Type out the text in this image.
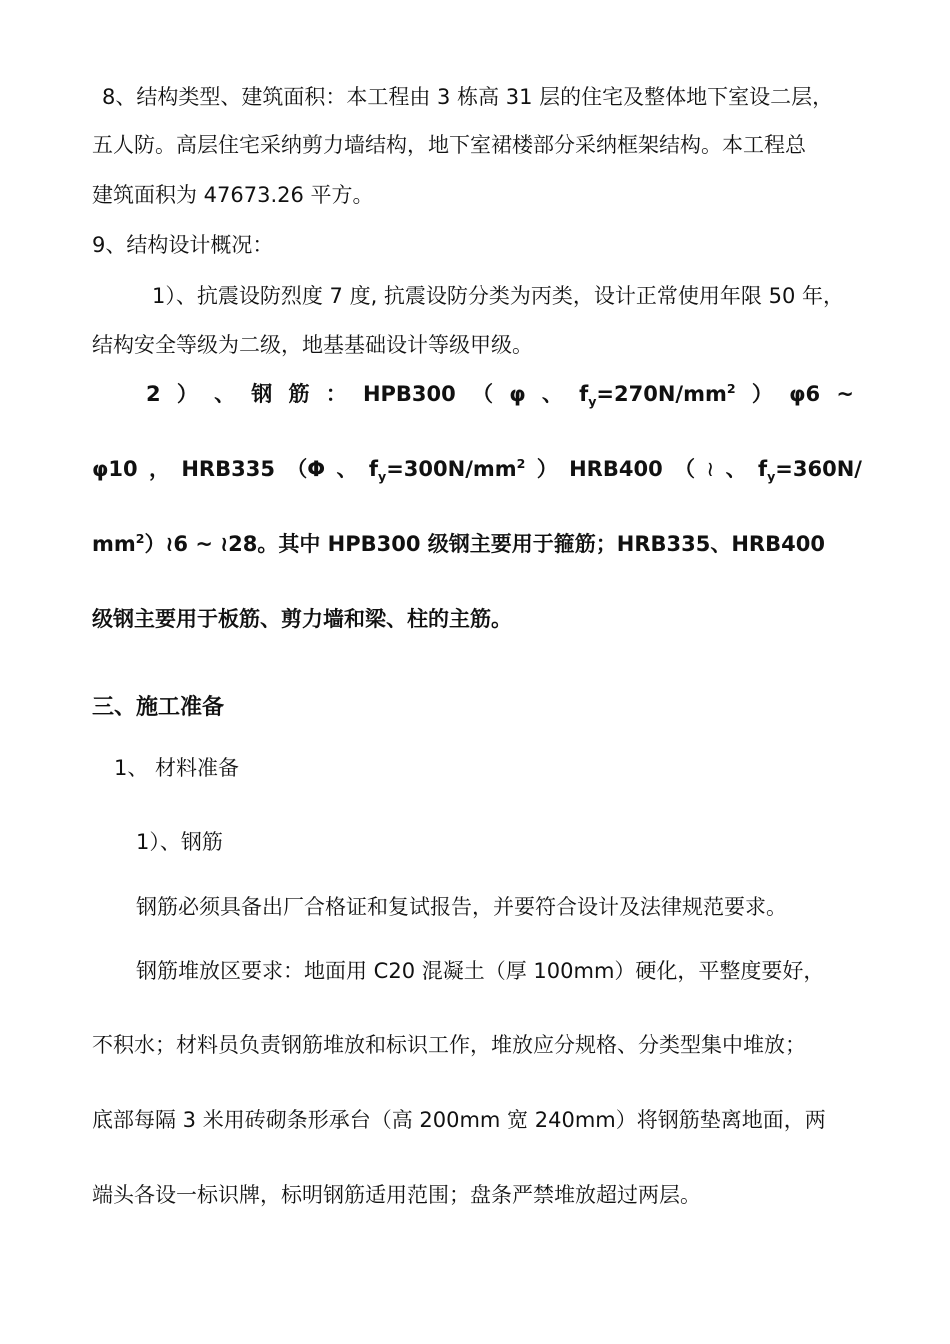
8、结构类型、建筑面积：本工程由 3 栋高 31 层的住宅及整体地下室设二层，
五人防。高层住宅采纳剪力墙结构，地下室裙楼部分采纳框架结构。本工程总
建筑面积为 47673.26 平方。
9、结构设计概况：
1）、抗震设防烈度 7 度, 抗震设防分类为丙类，设计正常使用年限 50 年，
结构安全等级为二级，地基基础设计等级甲级。
2 ） 、 钢 筋 ： HPB300 （ φ 、 $f_y=270N/mm^2$ ） φ6 ~
φ10 ， HRB335 （Φ 、 $f_y=300N/mm^2$ ） HRB400 （ ≀ 、 $f_y=360N/$
$mm^2)≀6$ ~ ≀28。其中 HPB300 级钢主要用于箍筋；HRB335、HRB400
级钢主要用于板筋、剪力墙和梁、柱的主筋。
三、施工准备
1、 材料准备
1）、钢筋
钢筋必须具备出厂合格证和复试报告，并要符合设计及法律规范要求。
钢筋堆放区要求：地面用 C20 混凝土（厚 100mm）硬化，平整度要好，
不积水；材料员负责钢筋堆放和标识工作，堆放应分规格、分类型集中堆放；
底部每隔 3 米用砖砌条形承台（高 200mm 宽 240mm）将钢筋垫离地面，两
端头各设一标识牌，标明钢筋适用范围；盘条严禁堆放超过两层。
